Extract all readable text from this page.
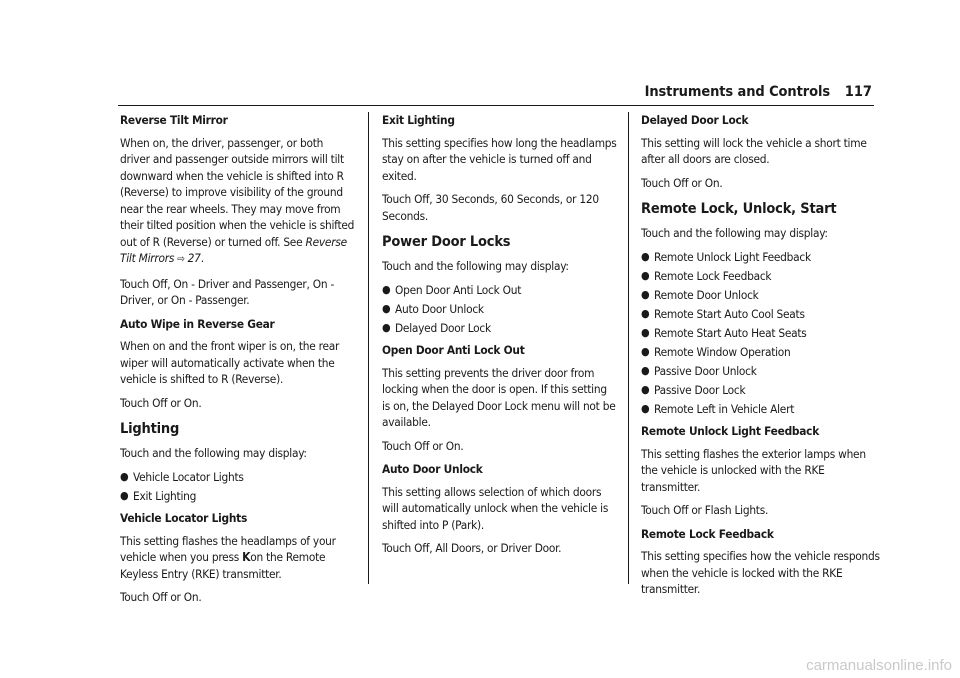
Instruments and Controls 117

Reverse Tilt Mirror

When on, the driver, passenger, or both driver and passenger outside mirrors will tilt downward when the vehicle is shifted into R (Reverse) to improve visibility of the ground near the rear wheels. They may move from their tilted position when the vehicle is shifted out of R (Reverse) or turned off. See Reverse Tilt Mirrors ⇨ 27.

Touch Off, On - Driver and Passenger, On - Driver, or On - Passenger.

Auto Wipe in Reverse Gear

When on and the front wiper is on, the rear wiper will automatically activate when the vehicle is shifted to R (Reverse).

Touch Off or On.

Lighting

Touch and the following may display:

● Vehicle Locator Lights
● Exit Lighting

Vehicle Locator Lights

This setting flashes the headlamps of your vehicle when you press Kon the Remote Keyless Entry (RKE) transmitter.

Touch Off or On.

Exit Lighting

This setting specifies how long the headlamps stay on after the vehicle is turned off and exited.

Touch Off, 30 Seconds, 60 Seconds, or 120 Seconds.

Power Door Locks

Touch and the following may display:

● Open Door Anti Lock Out
● Auto Door Unlock
● Delayed Door Lock

Open Door Anti Lock Out

This setting prevents the driver door from locking when the door is open. If this setting is on, the Delayed Door Lock menu will not be available.

Touch Off or On.

Auto Door Unlock

This setting allows selection of which doors will automatically unlock when the vehicle is shifted into P (Park).

Touch Off, All Doors, or Driver Door.

Delayed Door Lock

This setting will lock the vehicle a short time after all doors are closed.

Touch Off or On.

Remote Lock, Unlock, Start

Touch and the following may display:

● Remote Unlock Light Feedback
● Remote Lock Feedback
● Remote Door Unlock
● Remote Start Auto Cool Seats
● Remote Start Auto Heat Seats
● Remote Window Operation
● Passive Door Unlock
● Passive Door Lock
● Remote Left in Vehicle Alert

Remote Unlock Light Feedback

This setting flashes the exterior lamps when the vehicle is unlocked with the RKE transmitter.

Touch Off or Flash Lights.

Remote Lock Feedback

This setting specifies how the vehicle responds when the vehicle is locked with the RKE transmitter.

carmanualsonline.info
